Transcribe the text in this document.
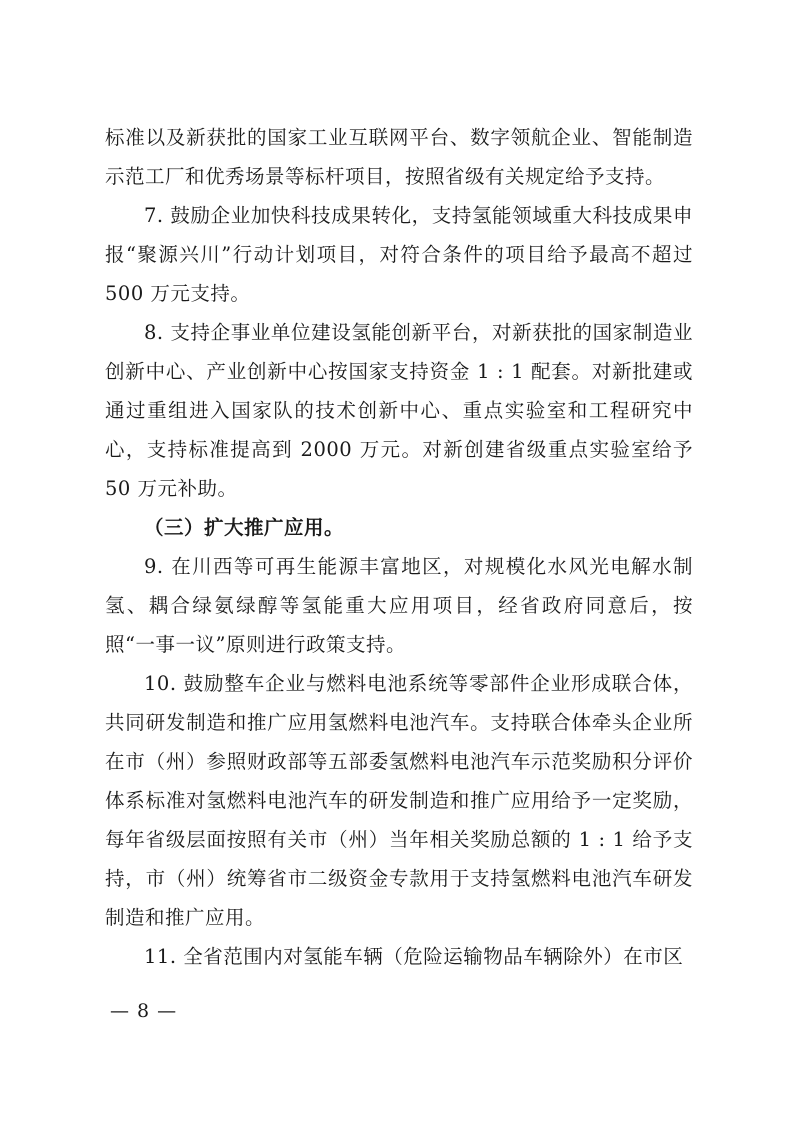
标准以及新获批的国家工业互联网平台、数字领航企业、智能制造示范工厂和优秀场景等标杆项目，按照省级有关规定给予支持。

7. 鼓励企业加快科技成果转化，支持氢能领域重大科技成果申报“聚源兴川”行动计划项目，对符合条件的项目给予最高不超过 500 万元支持。

8. 支持企事业单位建设氢能创新平台，对新获批的国家制造业创新中心、产业创新中心按国家支持资金 1 : 1 配套。对新批建或通过重组进入国家队的技术创新中心、重点实验室和工程研究中心，支持标准提高到 2000 万元。对新创建省级重点实验室给予 50 万元补助。

（三）扩大推广应用。

9. 在川西等可再生能源丰富地区，对规模化水风光电解水制氢、耦合绿氨绿醇等氢能重大应用项目，经省政府同意后，按照“一事一议”原则进行政策支持。

10. 鼓励整车企业与燃料电池系统等零部件企业形成联合体，共同研发制造和推广应用氢燃料电池汽车。支持联合体牵头企业所在市（州）参照财政部等五部委氢燃料电池汽车示范奖励积分评价体系标准对氢燃料电池汽车的研发制造和推广应用给予一定奖励，每年省级层面按照有关市（州）当年相关奖励总额的 1 : 1 给予支持，市（州）统筹省市二级资金专款用于支持氢燃料电池汽车研发制造和推广应用。

11. 全省范围内对氢能车辆（危险运输物品车辆除外）在市区

— 8 —
